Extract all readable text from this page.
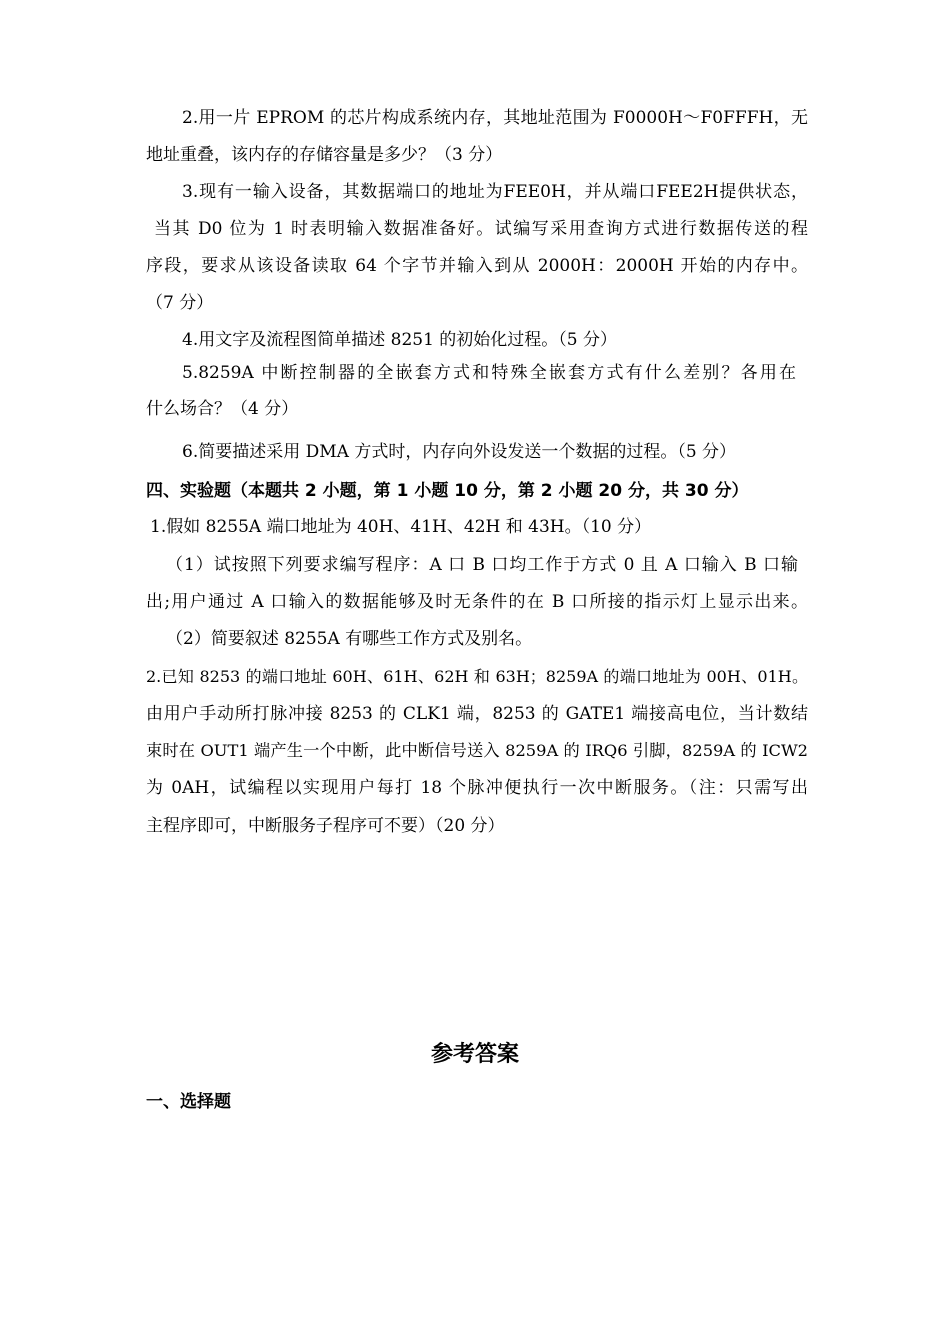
2.用一片 EPROM 的芯片构成系统内存，其地址范围为 F0000H～F0FFFH，无
地址重叠，该内存的存储容量是多少？（3 分）
3.现有一输入设备，其数据端口的地址为FEE0H，并从端口FEE2H提供状态，
当其 D0 位为 1 时表明输入数据准备好。试编写采用查询方式进行数据传送的程
序段，要求从该设备读取 64 个字节并输入到从 2000H：2000H 开始的内存中。
（7 分）
4.用文字及流程图简单描述 8251 的初始化过程。（5 分）
5.8259A 中断控制器的全嵌套方式和特殊全嵌套方式有什么差别？各用在
什么场合？（4 分）
6.简要描述采用 DMA 方式时，内存向外设发送一个数据的过程。（5 分）
四、实验题（本题共 2 小题，第 1 小题 10 分，第 2 小题 20 分，共 30 分）
1.假如 8255A 端口地址为 40H、41H、42H 和 43H。（10 分）
（1）试按照下列要求编写程序：A 口 B 口均工作于方式 0 且 A 口输入 B 口输
出;用户通过 A 口输入的数据能够及时无条件的在 B 口所接的指示灯上显示出来。
（2）简要叙述 8255A 有哪些工作方式及别名。
2.已知 8253 的端口地址 60H、61H、62H 和 63H；8259A 的端口地址为 00H、01H。
由用户手动所打脉冲接 8253 的 CLK1 端，8253 的 GATE1 端接高电位，当计数结
束时在 OUT1 端产生一个中断，此中断信号送入 8259A 的 IRQ6 引脚，8259A 的 ICW2
为 0AH，试编程以实现用户每打 18 个脉冲便执行一次中断服务。（注：只需写出
主程序即可，中断服务子程序可不要）（20 分）
参考答案
一、选择题
